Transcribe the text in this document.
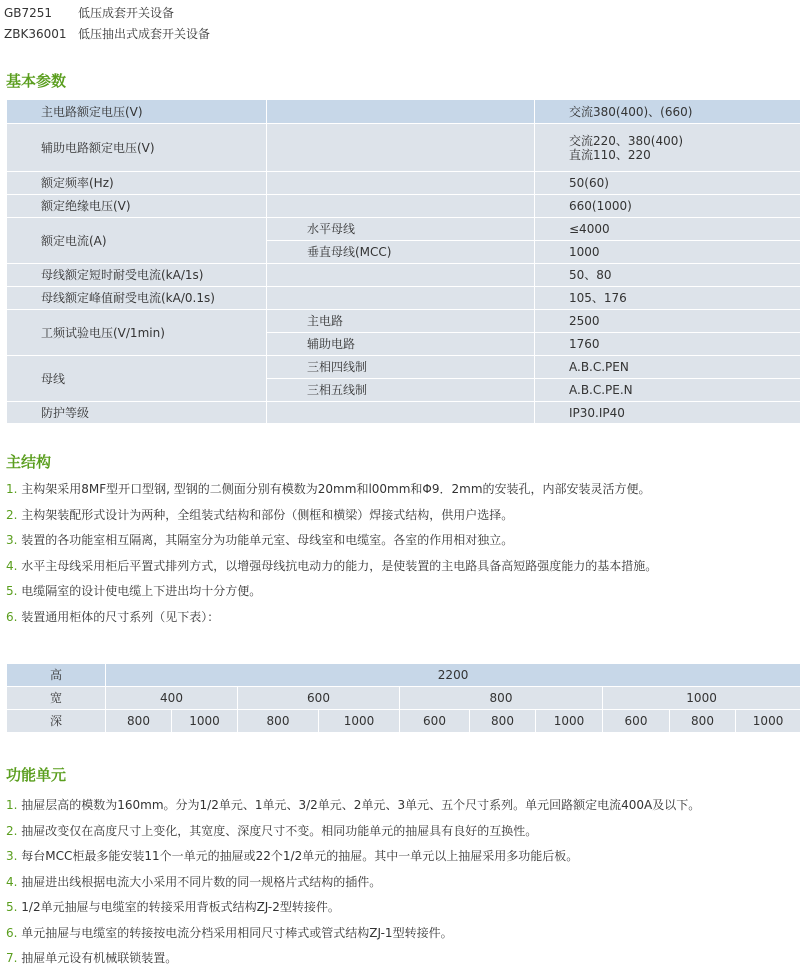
GB7251 低压成套开关设备
ZBK36001 低压抽出式成套开关设备
基本参数
主电路额定电压(V)		交流380(400)、(660)
辅助电路额定电压(V)		交流220、380(400)
直流110、220

额定频率(Hz)		50(60)
额定绝缘电压(V)		660(1000)
额定电流(A)	水平母线	≤4000
	垂直母线(MCC)	1000
母线额定短时耐受电流(kA/1s)		50、80
母线额定峰值耐受电流(kA/0.1s)		105、176
工频试验电压(V/1min)	主电路	2500
	辅助电路	1760
母线	三相四线制	A.B.C.PEN
	三相五线制	A.B.C.PE.N
防护等级		IP30.IP40
主结构
1. 主构架采用8MF型开口型钢, 型钢的二侧面分别有模数为20mm和l00mm和Φ9．2mm的安装孔，内部安装灵活方便。
2. 主构架装配形式设计为两种，全组装式结构和部份（侧框和横梁）焊接式结构，供用户选择。
3. 装置的各功能室相互隔离，其隔室分为功能单元室、母线室和电缆室。各室的作用相对独立。
4. 水平主母线采用柜后平置式排列方式，以增强母线抗电动力的能力，是使装置的主电路具备高短路强度能力的基本措施。
5. 电缆隔室的设计使电缆上下进出均十分方便。
6. 装置通用柜体的尺寸系列（见下表）：
高	2200									
宽	400		600		800			1000		
深	800	1000	800	1000	600	800	1000	600	800	1000
功能单元
1. 抽屉层高的模数为160mm。分为1/2单元、1单元、3/2单元、2单元、3单元、五个尺寸系列。单元回路额定电流400A及以下。
2. 抽屉改变仅在高度尺寸上变化，其宽度、深度尺寸不变。相同功能单元的抽屉具有良好的互换性。
3. 每台MCC柜最多能安装11个一单元的抽屉或22个1/2单元的抽屉。其中一单元以上抽屉采用多功能后板。
4. 抽屉进出线根据电流大小采用不同片数的同一规格片式结构的插件。
5. 1/2单元抽屉与电缆室的转接采用背板式结构ZJ-2型转接件。
6. 单元抽屉与电缆室的转接按电流分档采用相同尺寸棒式或管式结构ZJ-1型转接件。
7. 抽屉单元设有机械联锁装置。
